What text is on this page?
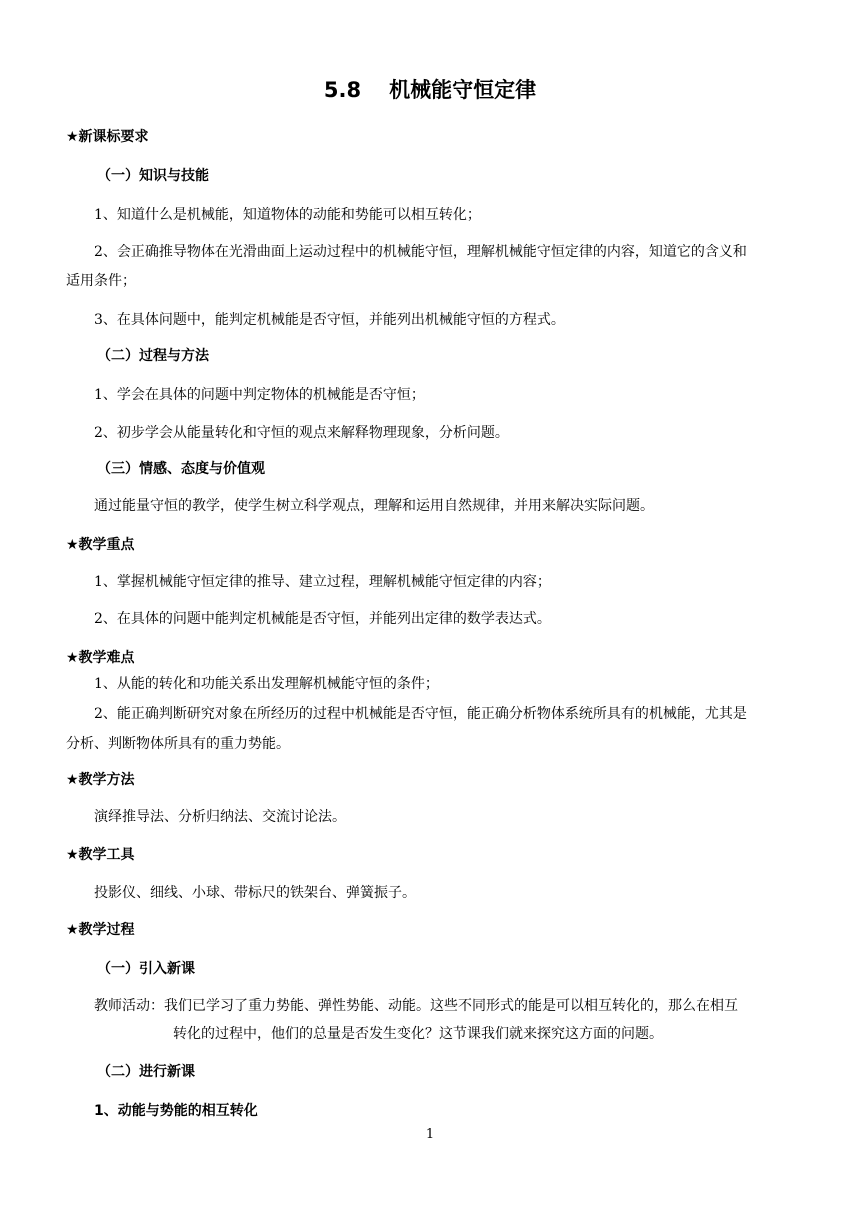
5.8 机械能守恒定律
★新课标要求
（一）知识与技能
1、知道什么是机械能，知道物体的动能和势能可以相互转化；
2、会正确推导物体在光滑曲面上运动过程中的机械能守恒，理解机械能守恒定律的内容，知道它的含义和
适用条件；
3、在具体问题中，能判定机械能是否守恒，并能列出机械能守恒的方程式。
（二）过程与方法
1、学会在具体的问题中判定物体的机械能是否守恒；
2、初步学会从能量转化和守恒的观点来解释物理现象，分析问题。
（三）情感、态度与价值观
通过能量守恒的教学，使学生树立科学观点，理解和运用自然规律，并用来解决实际问题。
★教学重点
1、掌握机械能守恒定律的推导、建立过程，理解机械能守恒定律的内容；
2、在具体的问题中能判定机械能是否守恒，并能列出定律的数学表达式。
★教学难点
1、从能的转化和功能关系出发理解机械能守恒的条件；
2、能正确判断研究对象在所经历的过程中机械能是否守恒，能正确分析物体系统所具有的机械能，尤其是
分析、判断物体所具有的重力势能。
★教学方法
演绎推导法、分析归纳法、交流讨论法。
★教学工具
投影仪、细线、小球、带标尺的铁架台、弹簧振子。
★教学过程
（一）引入新课
教师活动：我们已学习了重力势能、弹性势能、动能。这些不同形式的能是可以相互转化的，那么在相互
转化的过程中，他们的总量是否发生变化？这节课我们就来探究这方面的问题。
（二）进行新课
1、动能与势能的相互转化
1
